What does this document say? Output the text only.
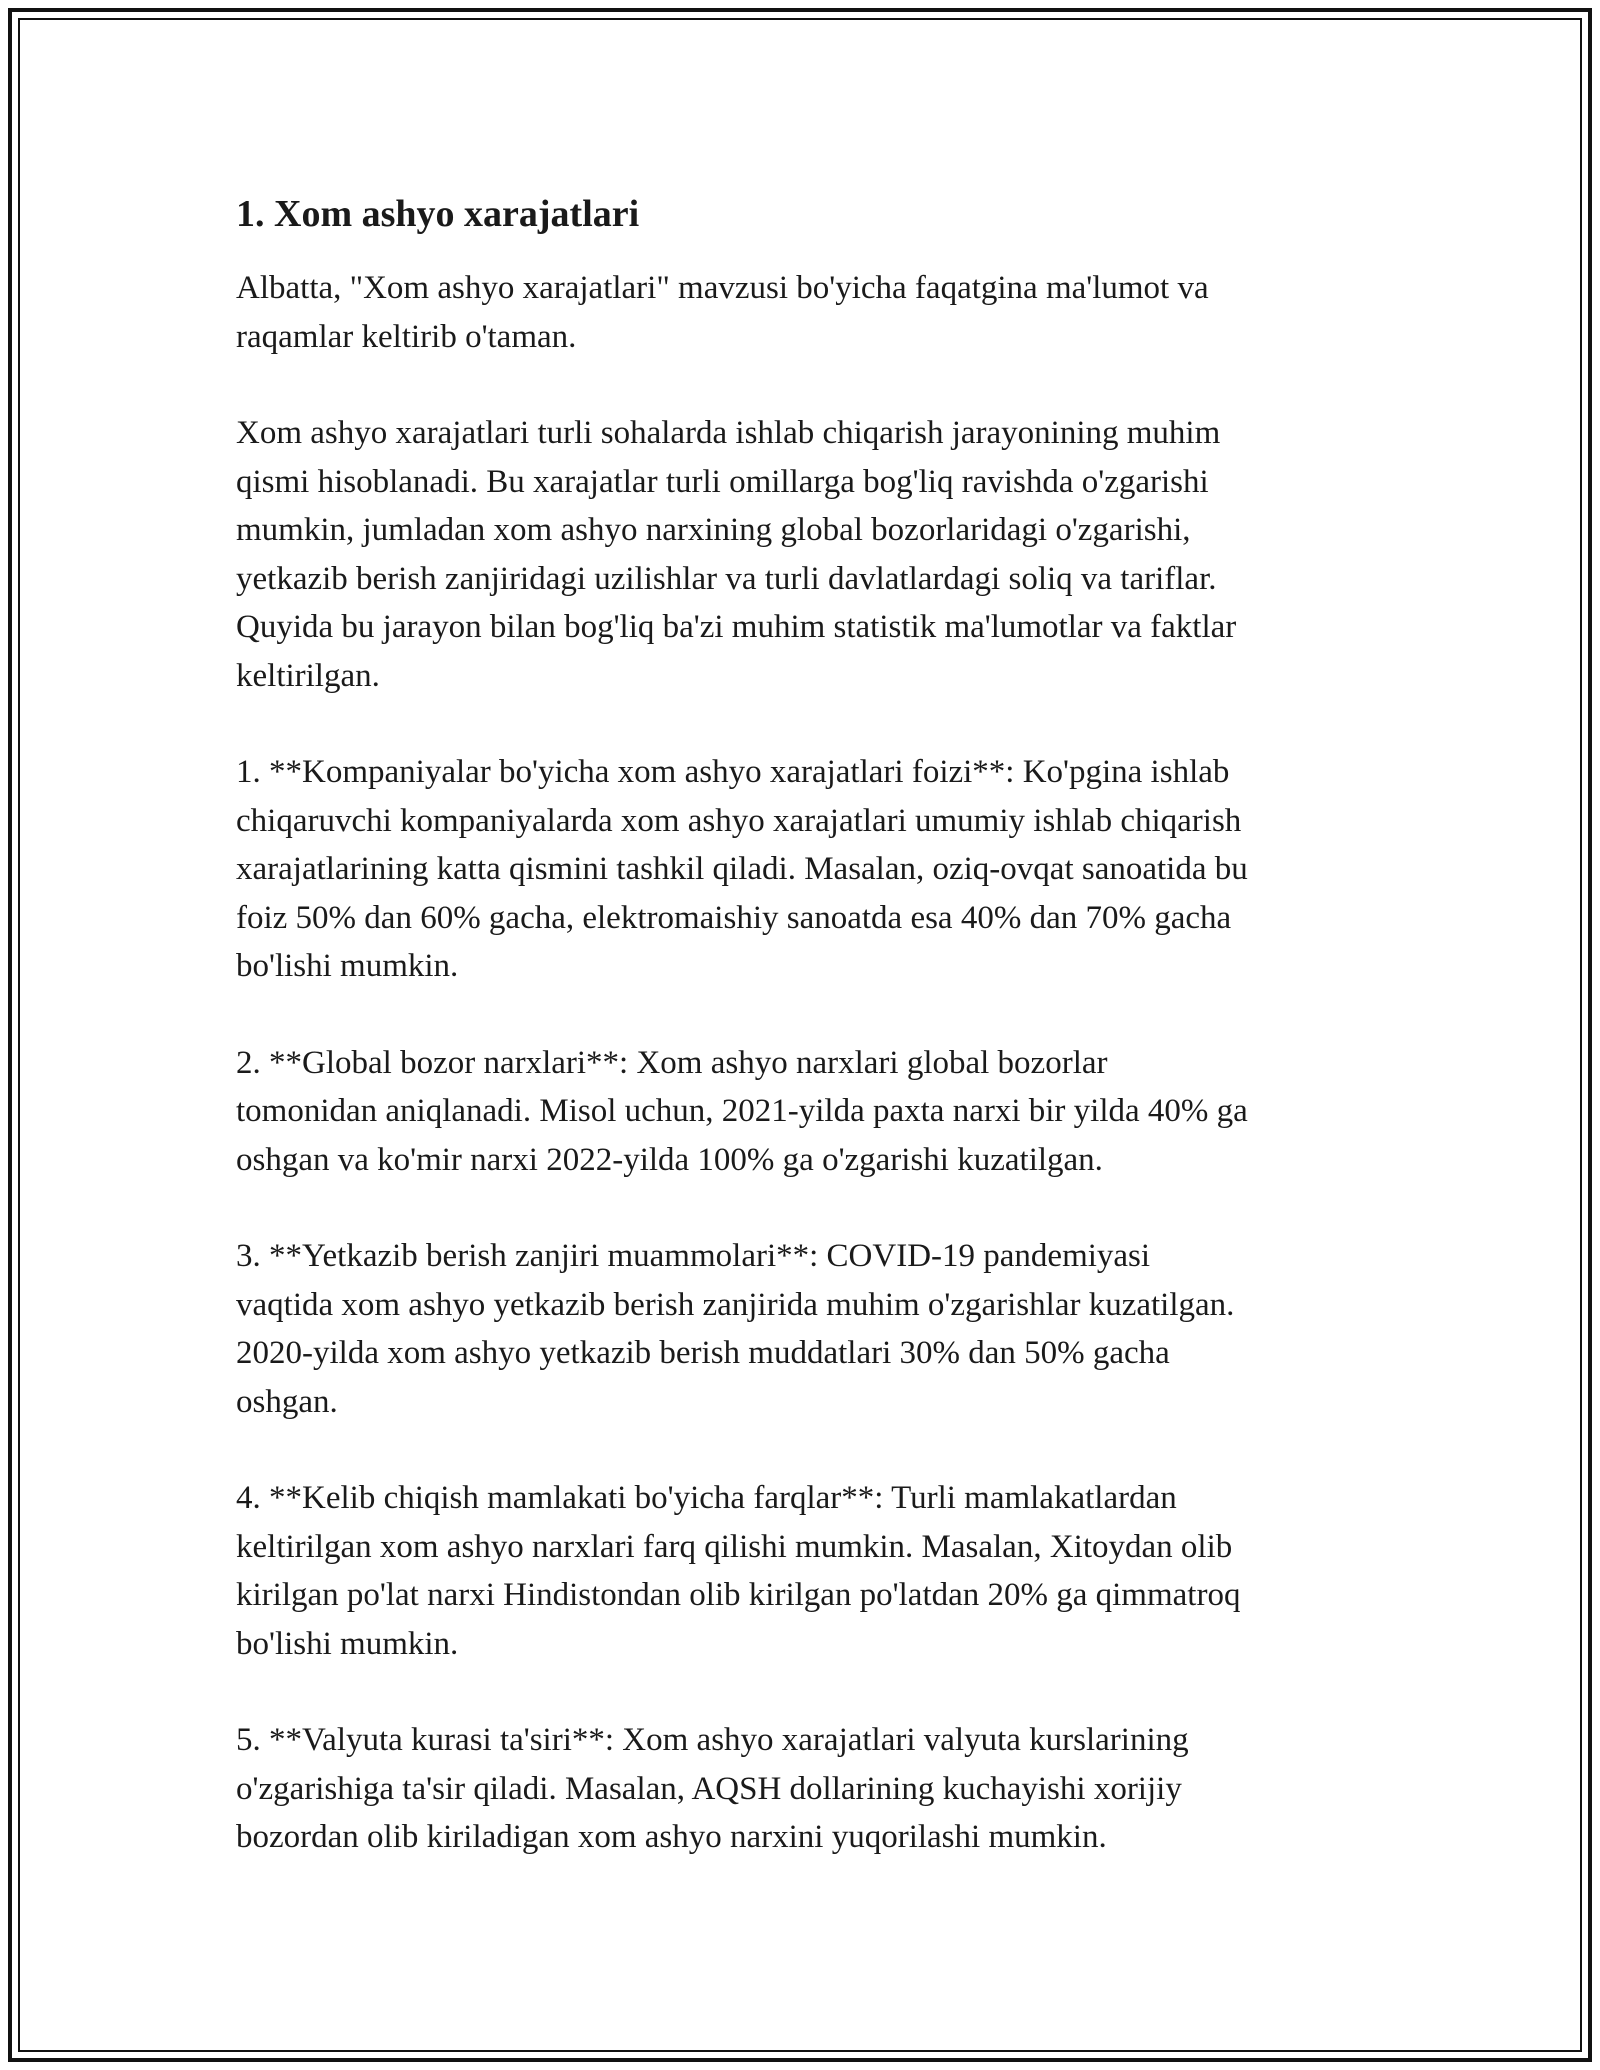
1. Xom ashyo xarajatlari

Albatta, "Xom ashyo xarajatlari" mavzusi bo'yicha faqatgina ma'lumot va
raqamlar keltirib o'taman.

Xom ashyo xarajatlari turli sohalarda ishlab chiqarish jarayonining muhim
qismi hisoblanadi. Bu xarajatlar turli omillarga bog'liq ravishda o'zgarishi
mumkin, jumladan xom ashyo narxining global bozorlaridagi o'zgarishi,
yetkazib berish zanjiridagi uzilishlar va turli davlatlardagi soliq va tariflar.
Quyida bu jarayon bilan bog'liq ba'zi muhim statistik ma'lumotlar va faktlar
keltirilgan.

1. **Kompaniyalar bo'yicha xom ashyo xarajatlari foizi**: Ko'pgina ishlab
chiqaruvchi kompaniyalarda xom ashyo xarajatlari umumiy ishlab chiqarish
xarajatlarining katta qismini tashkil qiladi. Masalan, oziq-ovqat sanoatida bu
foiz 50% dan 60% gacha, elektromaishiy sanoatda esa 40% dan 70% gacha
bo'lishi mumkin.

2. **Global bozor narxlari**: Xom ashyo narxlari global bozorlar
tomonidan aniqlanadi. Misol uchun, 2021-yilda paxta narxi bir yilda 40% ga
oshgan va ko'mir narxi 2022-yilda 100% ga o'zgarishi kuzatilgan.

3. **Yetkazib berish zanjiri muammolari**: COVID-19 pandemiyasi
vaqtida xom ashyo yetkazib berish zanjirida muhim o'zgarishlar kuzatilgan.
2020-yilda xom ashyo yetkazib berish muddatlari 30% dan 50% gacha
oshgan.

4. **Kelib chiqish mamlakati bo'yicha farqlar**: Turli mamlakatlardan
keltirilgan xom ashyo narxlari farq qilishi mumkin. Masalan, Xitoydan olib
kirilgan po'lat narxi Hindistondan olib kirilgan po'latdan 20% ga qimmatroq
bo'lishi mumkin.

5. **Valyuta kurasi ta'siri**: Xom ashyo xarajatlari valyuta kurslarining
o'zgarishiga ta'sir qiladi. Masalan, AQSH dollarining kuchayishi xorijiy
bozordan olib kiriladigan xom ashyo narxini yuqorilashi mumkin.
